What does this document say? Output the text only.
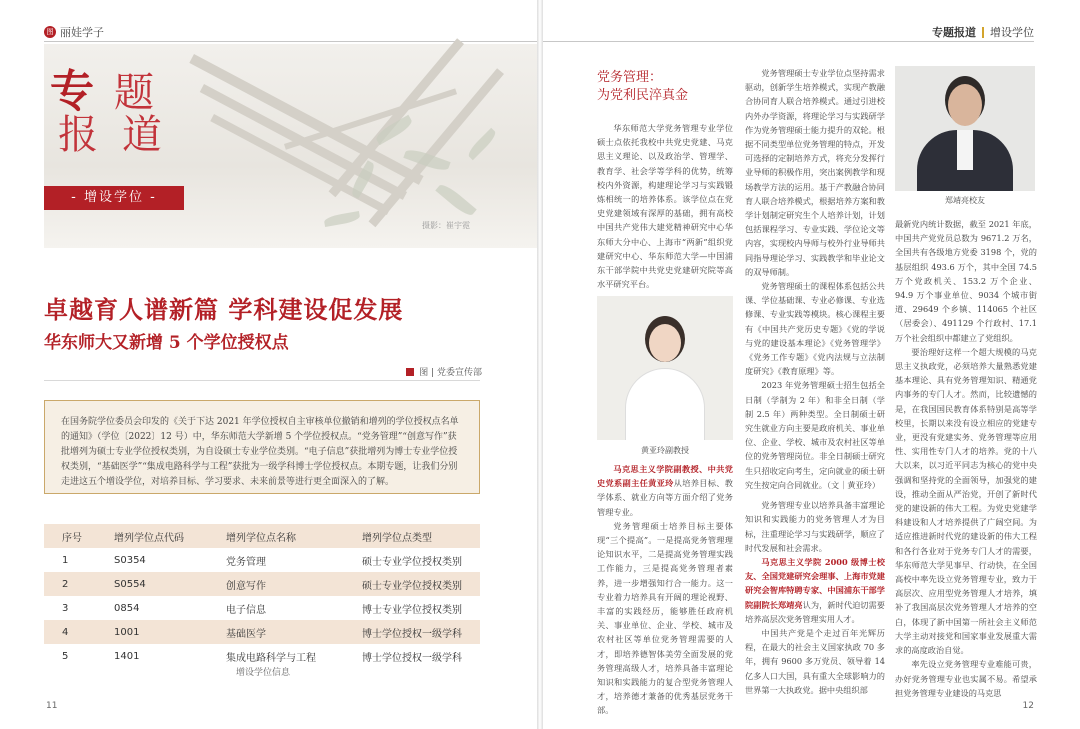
图 丽娃学子
摄影：崔宇霓
专 题
报 道
- 增设学位 -
卓越育人谱新篇 学科建设促发展
华东师大又新增 5 个学位授权点
图 | 党委宣传部
在国务院学位委员会印发的《关于下达 2021 年学位授权自主审核单位撤销和增列的学位授权点名单的通知》（学位〔2022〕12 号）中，华东师范大学新增 5 个学位授权点。“党务管理”“创意写作”获批增列为硕士专业学位授权类别，为自设硕士专业学位类别。“电子信息”获批增列为博士专业学位授权类别，“基础医学”“集成电路科学与工程”获批为一级学科博士学位授权点。本期专题，让我们分别走进这五个增设学位，对培养目标、学习要求、未来前景等进行更全面深入的了解。
序号	增列学位点代码	增列学位点名称	增列学位点类型
1	S0354	党务管理	硕士专业学位授权类别
2	S0554	创意写作	硕士专业学位授权类别
3	0854	电子信息	博士专业学位授权类别
4	1001	基础医学	博士学位授权一级学科
5	1401	集成电路科学与工程	博士学位授权一级学科
增设学位信息
11
专题报道 增设学位
党务管理：
为党利民淬真金

华东师范大学党务管理专业学位硕士点依托我校中共党史党建、马克思主义理论、以及政治学、管理学、教育学、社会学等学科的优势，统筹校内外资源，构建理论学习与实践锻炼相统一的培养体系。该学位点在党史党建领域有深厚的基础，拥有高校中国共产党伟大建党精神研究中心华东师大分中心、上海市“两新”组织党建研究中心、华东师范大学—中国浦东干部学院中共党史党建研究院等高水平研究平台。

黄亚玲副教授

马克思主义学院副教授、中共党史党系副主任黄亚玲从培养目标、教学体系、就业方向等方面介绍了党务管理专业。

党务管理硕士培养目标主要体现“三个提高”。一是提高党务管理理论知识水平，二是提高党务管理实践工作能力，三是提高党务管理者素养，进一步增强知行合一能力。这一专业着力培养具有开阔的理论视野、丰富的实践经历，能够胜任政府机关、事业单位、企业、学校、城市及农村社区等单位党务管理需要的人才，即培养德智体美劳全面发展的党务管理高级人才，培养具备丰富理论知识和实践能力的复合型党务管理人才，培养德才兼备的优秀基层党务干部。

党务管理硕士专业学位点坚持需求驱动，创新学生培养模式，实现产教融合协同育人联合培养模式。通过引进校内外办学资源，将理论学习与实践研学作为党务管理硕士能力提升的双轮。根据不同类型单位党务管理的特点，开发可选择的定制培养方式，将充分发挥行业导师的积极作用，突出案例教学和现场教学方法的运用。基于产教融合协同育人联合培养模式，根据培养方案和教学计划制定研究生个人培养计划，计划包括课程学习、专业实践、学位论文等内容，实现校内导师与校外行业导师共同指导理论学习、实践教学和毕业论文的双导师制。

党务管理硕士的课程体系包括公共课、学位基础课、专业必修课、专业选修课、专业实践等模块。核心课程主要有《中国共产党历史专题》《党的学说与党的建设基本理论》《党务管理学》《党务工作专题》《党内法规与立法制度研究》《教育原理》等。

2023 年党务管理硕士招生包括全日制（学制为 2 年）和非全日制（学制 2.5 年）两种类型。全日制硕士研究生就业方向主要是政府机关、事业单位、企业、学校、城市及农村社区等单位的党务管理岗位。非全日制硕士研究生只招收定向考生，定向就业的硕士研究生按定向合同就业。（文｜黄亚玲）

党务管理专业以培养具备丰富理论知识和实践能力的党务管理人才为目标，注重理论学习与实践研学，顺应了时代发展和社会需求。

马克思主义学院 2000 级博士校友、全国党建研究会理事、上海市党建研究会智库特聘专家、中国浦东干部学院副院长郑靖亮认为，新时代迫切需要培养高层次党务管理实用人才。

中国共产党是个走过百年光辉历程，在最大的社会主义国家执政 70 多年，拥有 9600 多万党员、领导着 14 亿多人口大国，具有重大全球影响力的世界第一大执政党。据中央组织部

郑靖亮校友

最新党内统计数据，截至 2021 年底，中国共产党党员总数为 9671.2 万名，全国共有各级地方党委 3198 个，党的基层组织 493.6 万个，其中全国 74.5 万个党政机关、153.2 万个企业、94.9 万个事业单位、9034 个城市街道、29649 个乡镇、114065 个社区（居委会）、491129 个行政村、17.1 万个社会组织中都建立了党组织。

要治理好这样一个超大规模的马克思主义执政党，必须培养大量熟悉党建基本理论、具有党务管理知识、精通党内事务的专门人才。然而，比较遗憾的是，在我国国民教育体系特别是高等学校里，长期以来没有设立相应的党建专业，更没有党建实务、党务管理等应用性、实用性专门人才的培养。党的十八大以来，以习近平同志为核心的党中央强调和坚持党的全面领导，加强党的建设，推动全面从严治党，开创了新时代党的建设新的伟大工程。为党史党建学科建设和人才培养提供了广阔空间。为适应推进新时代党的建设新的伟大工程和各行各业对于党务专门人才的需要，华东师范大学见事早、行动快，在全国高校中率先设立党务管理专业，致力于高层次、应用型党务管理人才培养，填补了我国高层次党务管理人才培养的空白，体现了新中国第一所社会主义师范大学主动对接党和国家事业发展重大需求的高度政治自觉。

率先设立党务管理专业难能可贵，办好党务管理专业也实属不易。希望承担党务管理专业建设的马克思

12
